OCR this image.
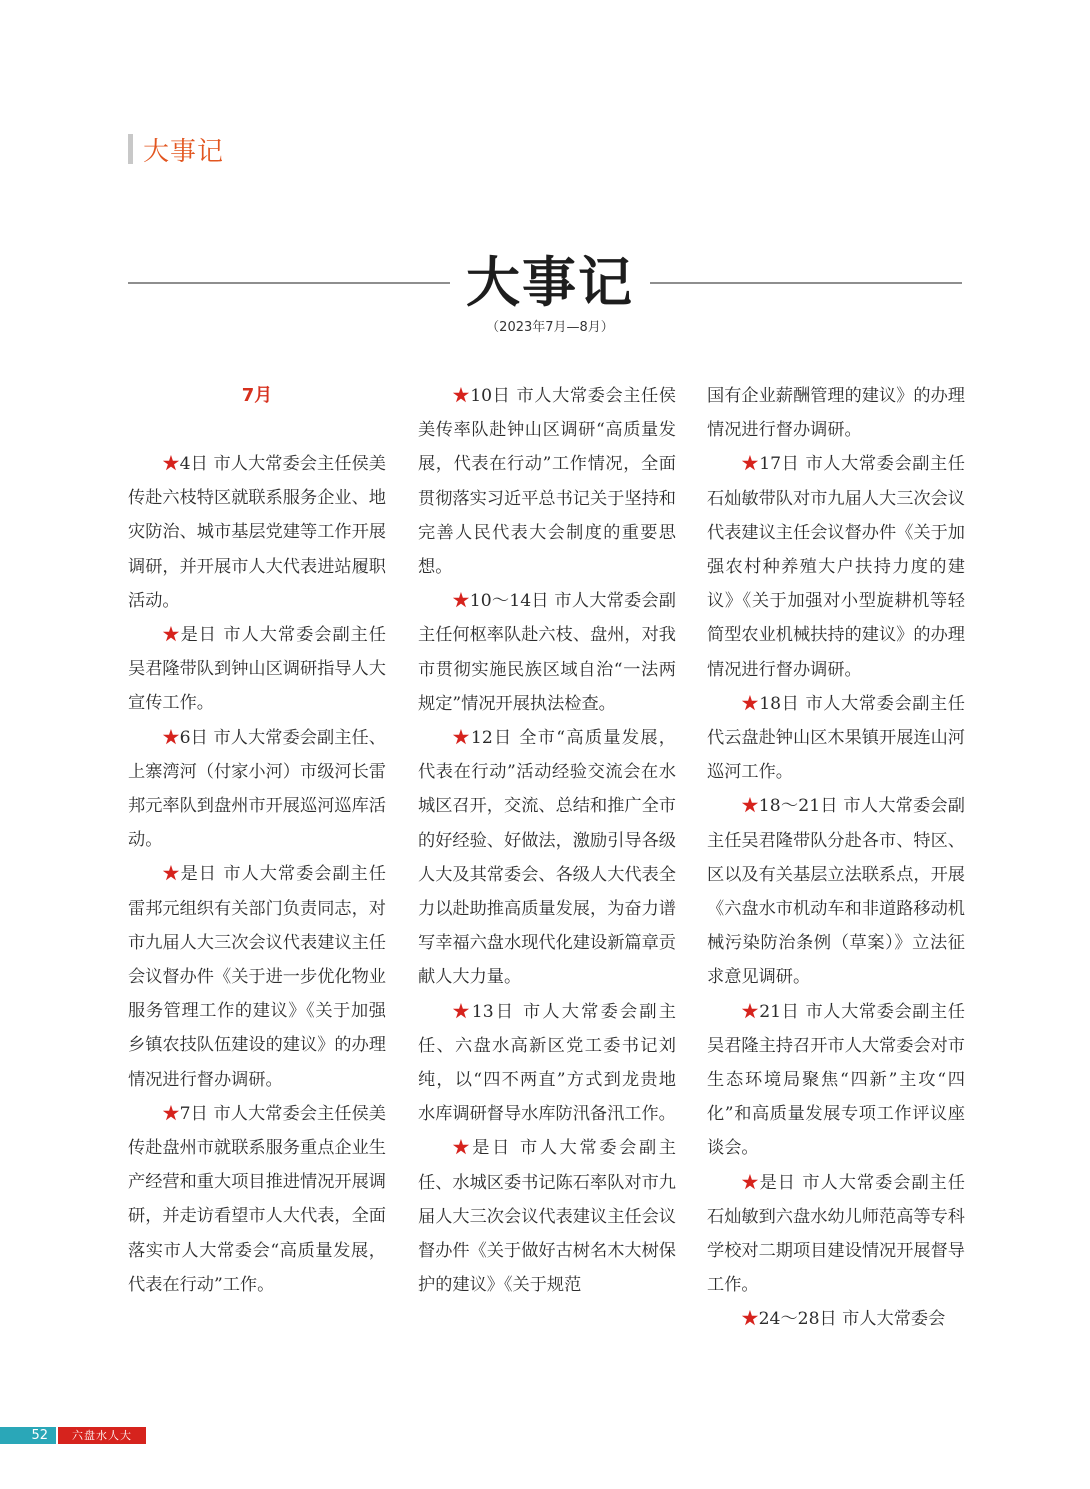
大事记
大事记
（2023年7月—8月）
7月

★4日 市人大常委会主任侯美传赴六枝特区就联系服务企业、地灾防治、城市基层党建等工作开展调研，并开展市人大代表进站履职活动。

★是日 市人大常委会副主任吴君隆带队到钟山区调研指导人大宣传工作。

★6日 市人大常委会副主任、上寨湾河（付家小河）市级河长雷邦元率队到盘州市开展巡河巡库活动。

★是日 市人大常委会副主任雷邦元组织有关部门负责同志，对市九届人大三次会议代表建议主任会议督办件《关于进一步优化物业服务管理工作的建议》《关于加强乡镇农技队伍建设的建议》的办理情况进行督办调研。

★7日 市人大常委会主任侯美传赴盘州市就联系服务重点企业生产经营和重大项目推进情况开展调研，并走访看望市人大代表，全面落实市人大常委会“高质量发展，代表在行动”工作。

★10日 市人大常委会主任侯美传率队赴钟山区调研“高质量发展，代表在行动”工作情况，全面贯彻落实习近平总书记关于坚持和完善人民代表大会制度的重要思想。

★10～14日 市人大常委会副主任何枢率队赴六枝、盘州，对我市贯彻实施民族区域自治“一法两规定”情况开展执法检查。

★12日 全市“高质量发展，代表在行动”活动经验交流会在水城区召开，交流、总结和推广全市的好经验、好做法，激励引导各级人大及其常委会、各级人大代表全力以赴助推高质量发展，为奋力谱写幸福六盘水现代化建设新篇章贡献人大力量。

★13日 市人大常委会副主任、六盘水高新区党工委书记刘纯，以“四不两直”方式到龙贵地水库调研督导水库防汛备汛工作。

★是日 市人大常委会副主任、水城区委书记陈石率队对市九届人大三次会议代表建议主任会议督办件《关于做好古树名木大树保护的建议》《关于规范

国有企业薪酬管理的建议》的办理情况进行督办调研。

★17日 市人大常委会副主任石灿敏带队对市九届人大三次会议代表建议主任会议督办件《关于加强农村种养殖大户扶持力度的建议》《关于加强对小型旋耕机等轻简型农业机械扶持的建议》的办理情况进行督办调研。

★18日 市人大常委会副主任代云盘赴钟山区木果镇开展连山河巡河工作。

★18～21日 市人大常委会副主任吴君隆带队分赴各市、特区、区以及有关基层立法联系点，开展《六盘水市机动车和非道路移动机械污染防治条例（草案）》立法征求意见调研。

★21日 市人大常委会副主任吴君隆主持召开市人大常委会对市生态环境局聚焦“四新”主攻“四化”和高质量发展专项工作评议座谈会。

★是日 市人大常委会副主任石灿敏到六盘水幼儿师范高等专科学校对二期项目建设情况开展督导工作。

★24～28日 市人大常委会

52	六盘水人大
